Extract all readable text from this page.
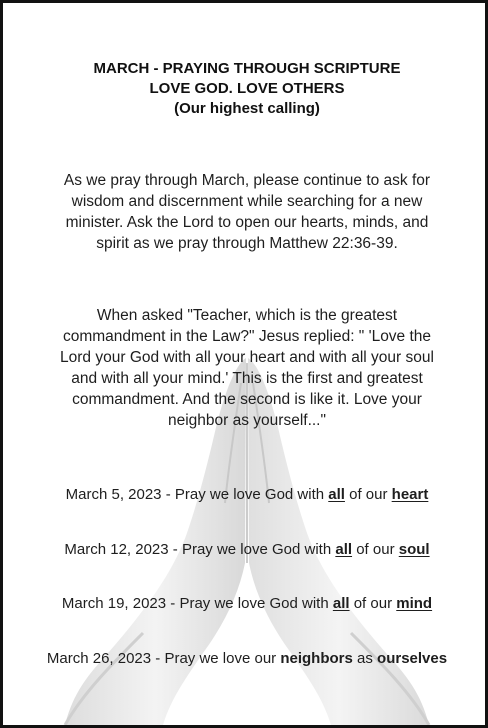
MARCH - PRAYING THROUGH SCRIPTURE
LOVE GOD. LOVE OTHERS
(Our highest calling)

As we pray through March, please continue to ask for

wisdom and discernment while searching for a new

minister. Ask the Lord to open our hearts, minds, and

spirit as we pray through Matthew 22:36-39.

When asked "Teacher, which is the greatest

commandment in the Law?" Jesus replied: " 'Love the

Lord your God with all your heart and with all your soul

and with all your mind.' This is the first and greatest

commandment. And the second is like it. Love your

neighbor as yourself..."

March 5, 2023 - Pray we love God with all of our heart
March 12, 2023 - Pray we love God with all of our soul
March 19, 2023 - Pray we love God with all of our mind
March 26, 2023 - Pray we love our neighbors as ourselves
